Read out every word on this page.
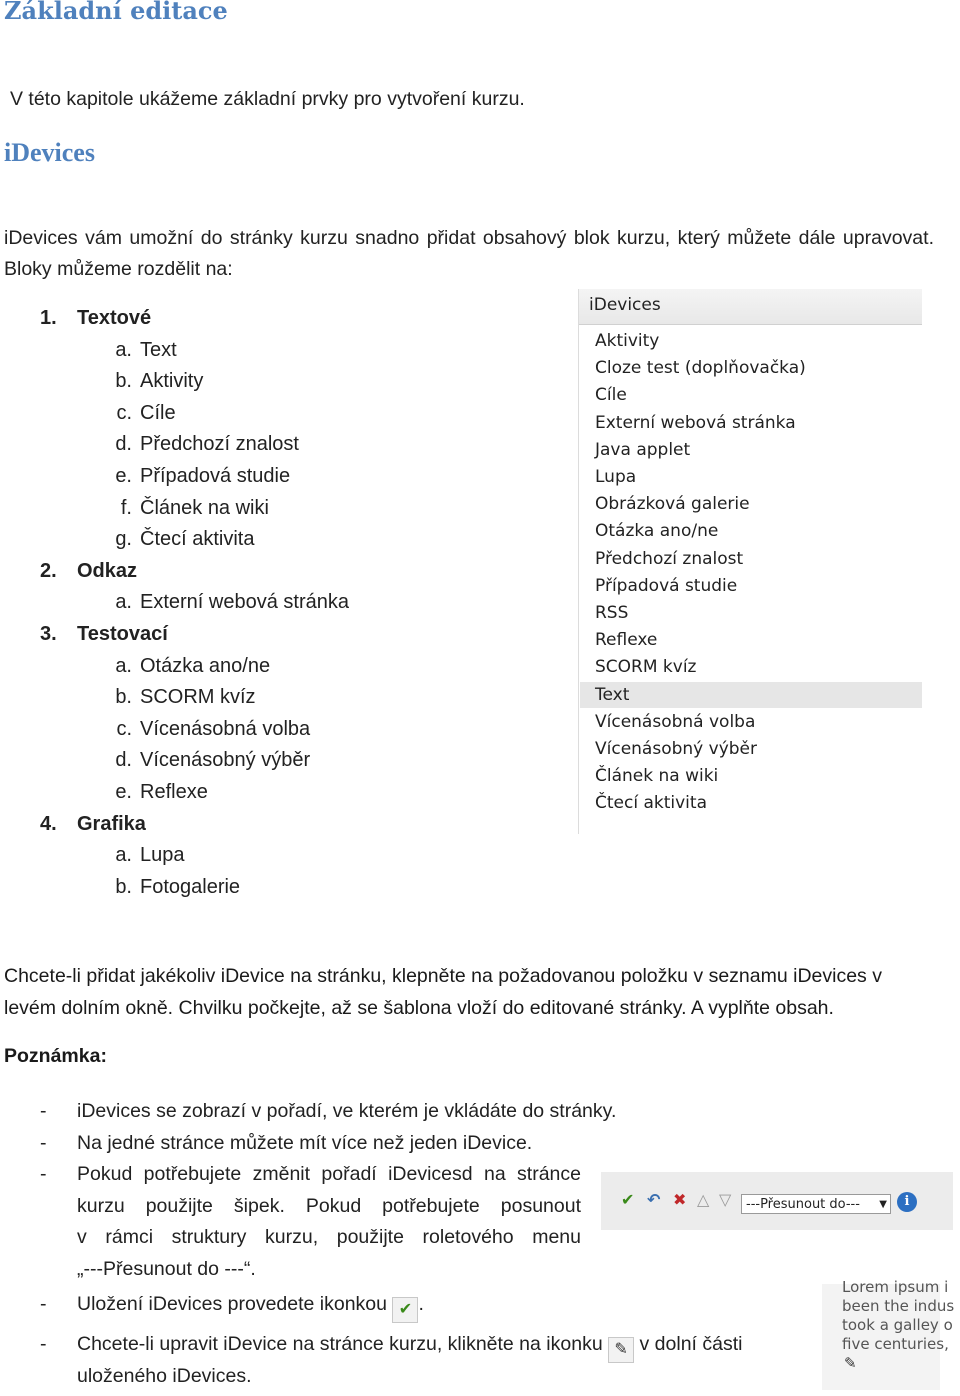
Základní editace
V této kapitole ukážeme základní prvky pro vytvoření kurzu.
iDevices
iDevices vám umožní do stránky kurzu snadno přidat obsahový blok kurzu, který můžete dále upravovat. Bloky můžeme rozdělit na:
1. Textové
a. Text
b. Aktivity
c. Cíle
d. Předchozí znalost
e. Případová studie
f. Článek na wiki
g. Čtecí aktivita
2. Odkaz
a. Externí webová stránka
3. Testovací
a. Otázka ano/ne
b. SCORM kvíz
c. Vícenásobná volba
d. Vícenásobný výběr
e. Reflexe
4. Grafika
a. Lupa
b. Fotogalerie
iDevices
Aktivity
Cloze test (doplňovačka)
Cíle
Externí webová stránka
Java applet
Lupa
Obrázková galerie
Otázka ano/ne
Předchozí znalost
Případová studie
RSS
Reflexe
SCORM kvíz
Text
Vícenásobná volba
Vícenásobný výběr
Článek na wiki
Čtecí aktivita
Chcete-li přidat jakékoliv iDevice na stránku, klepněte na požadovanou položku v seznamu iDevices v
levém dolním okně. Chvilku počkejte, až se šablona vloží do editované stránky. A vyplňte obsah.
Poznámka:
- iDevices se zobrazí v pořadí, ve kterém je vkládáte do stránky.
- Na jedné stránce můžete mít více než jeden iDevice.
- Pokud potřebujete změnit pořadí iDevicesd na stránce
kurzu použijte šipek. Pokud potřebujete posunout
v rámci struktury kurzu, použijte roletového menu
„---Přesunout do ---“.
- Uložení iDevices provedete ikonkou ✔ .
- Chcete-li upravit iDevice na stránce kurzu, klikněte na ikonku ✎ v dolní části
uloženého iDevices.
✔ ↶ ✖ △ ▽	---Přesunout do--- ▼	i
Lorem ipsum i
been the indus
took a galley o
five centuries,
✎
